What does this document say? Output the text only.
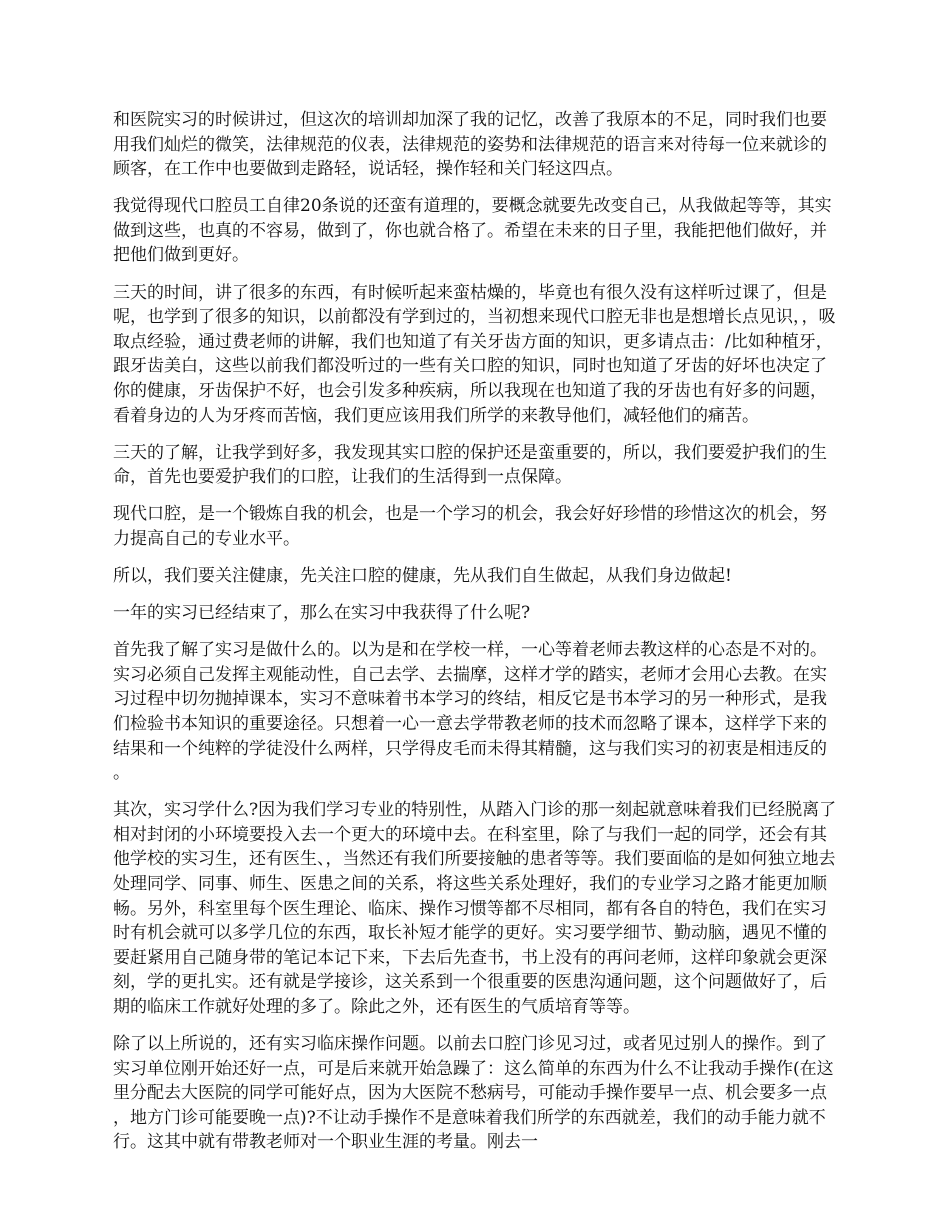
和医院实习的时候讲过，但这次的培训却加深了我的记忆，改善了我原本的不足，同时我们也要用我们灿烂的微笑，法律规范的仪表，法律规范的姿势和法律规范的语言来对待每一位来就诊的顾客，在工作中也要做到走路轻，说话轻，操作轻和关门轻这四点。

我觉得现代口腔员工自律20条说的还蛮有道理的，要概念就要先改变自己，从我做起等等，其实做到这些，也真的不容易，做到了，你也就合格了。希望在未来的日子里，我能把他们做好，并把他们做到更好。

三天的时间，讲了很多的东西，有时候听起来蛮枯燥的，毕竟也有很久没有这样听过课了，但是呢，也学到了很多的知识，以前都没有学到过的，当初想来现代口腔无非也是想增长点见识，，吸取点经验，通过费老师的讲解，我们也知道了有关牙齿方面的知识，更多请点击：/比如种植牙，跟牙齿美白，这些以前我们都没听过的一些有关口腔的知识，同时也知道了牙齿的好坏也决定了你的健康，牙齿保护不好，也会引发多种疾病，所以我现在也知道了我的牙齿也有好多的问题，看着身边的人为牙疼而苦恼，我们更应该用我们所学的来教导他们，减轻他们的痛苦。

三天的了解，让我学到好多，我发现其实口腔的保护还是蛮重要的，所以，我们要爱护我们的生命，首先也要爱护我们的口腔，让我们的生活得到一点保障。

现代口腔，是一个锻炼自我的机会，也是一个学习的机会，我会好好珍惜的珍惜这次的机会，努力提高自己的专业水平。

所以，我们要关注健康，先关注口腔的健康，先从我们自生做起，从我们身边做起!

一年的实习已经结束了，那么在实习中我获得了什么呢?

首先我了解了实习是做什么的。以为是和在学校一样，一心等着老师去教这样的心态是不对的。实习必须自己发挥主观能动性，自己去学、去揣摩，这样才学的踏实，老师才会用心去教。在实习过程中切勿抛掉课本，实习不意味着书本学习的终结，相反它是书本学习的另一种形式，是我们检验书本知识的重要途径。只想着一心一意去学带教老师的技术而忽略了课本，这样学下来的结果和一个纯粹的学徒没什么两样，只学得皮毛而未得其精髓，这与我们实习的初衷是相违反的。

其次，实习学什么?因为我们学习专业的特别性，从踏入门诊的那一刻起就意味着我们已经脱离了相对封闭的小环境要投入去一个更大的环境中去。在科室里，除了与我们一起的同学，还会有其他学校的实习生，还有医生、，当然还有我们所要接触的患者等等。我们要面临的是如何独立地去处理同学、同事、师生、医患之间的关系，将这些关系处理好，我们的专业学习之路才能更加顺畅。另外，科室里每个医生理论、临床、操作习惯等都不尽相同，都有各自的特色，我们在实习时有机会就可以多学几位的东西，取长补短才能学的更好。实习要学细节、勤动脑，遇见不懂的要赶紧用自己随身带的笔记本记下来，下去后先查书，书上没有的再问老师，这样印象就会更深刻，学的更扎实。还有就是学接诊，这关系到一个很重要的医患沟通问题，这个问题做好了，后期的临床工作就好处理的多了。除此之外，还有医生的气质培育等等。

除了以上所说的，还有实习临床操作问题。以前去口腔门诊见习过，或者见过别人的操作。到了实习单位刚开始还好一点，可是后来就开始急躁了：这么简单的东西为什么不让我动手操作(在这里分配去大医院的同学可能好点，因为大医院不愁病号，可能动手操作要早一点、机会要多一点，地方门诊可能要晚一点)?不让动手操作不是意味着我们所学的东西就差，我们的动手能力就不行。这其中就有带教老师对一个职业生涯的考量。刚去一
